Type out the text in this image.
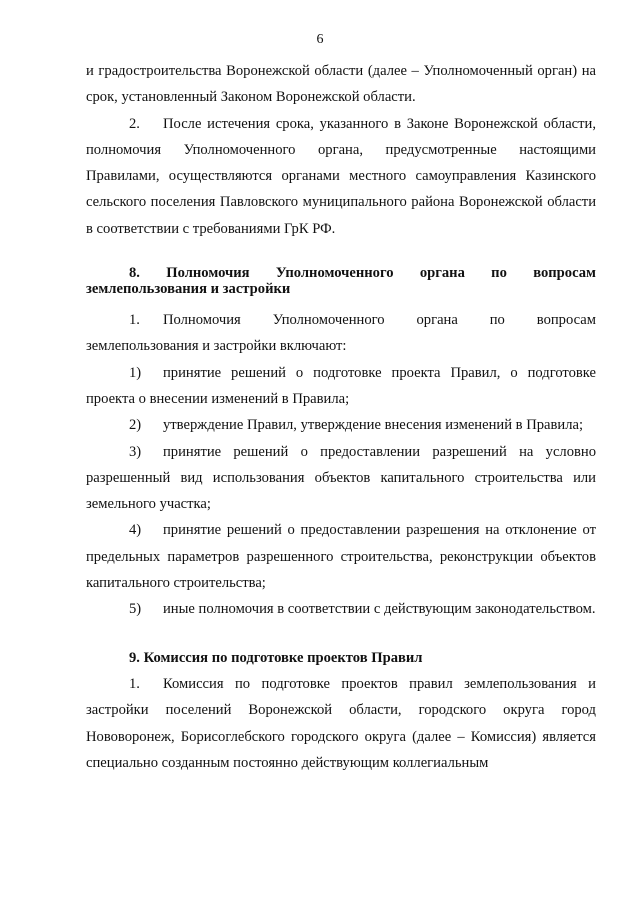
6

и градостроительства Воронежской области (далее – Уполномоченный орган) на срок, установленный Законом Воронежской области.

2. После истечения срока, указанного в Законе Воронежской области, полномочия Уполномоченного органа, предусмотренные настоящими Правилами, осуществляются органами местного самоуправления Казинского сельского поселения Павловского муниципального района Воронежской области в соответствии с требованиями ГрК РФ.

8. Полномочия Уполномоченного органа по вопросам землепользования и застройки

1. Полномочия Уполномоченного органа по вопросам землепользования и застройки включают:

1) принятие решений о подготовке проекта Правил, о подготовке проекта о внесении изменений в Правила;

2) утверждение Правил, утверждение внесения изменений в Правила;

3) принятие решений о предоставлении разрешений на условно разрешенный вид использования объектов капитального строительства или земельного участка;

4) принятие решений о предоставлении разрешения на отклонение от предельных параметров разрешенного строительства, реконструкции объектов капитального строительства;

5) иные полномочия в соответствии с действующим законодательством.

9. Комиссия по подготовке проектов Правил

1. Комиссия по подготовке проектов правил землепользования и застройки поселений Воронежской области, городского округа город Нововоронеж, Борисоглебского городского округа (далее – Комиссия) является специально созданным постоянно действующим коллегиальным
